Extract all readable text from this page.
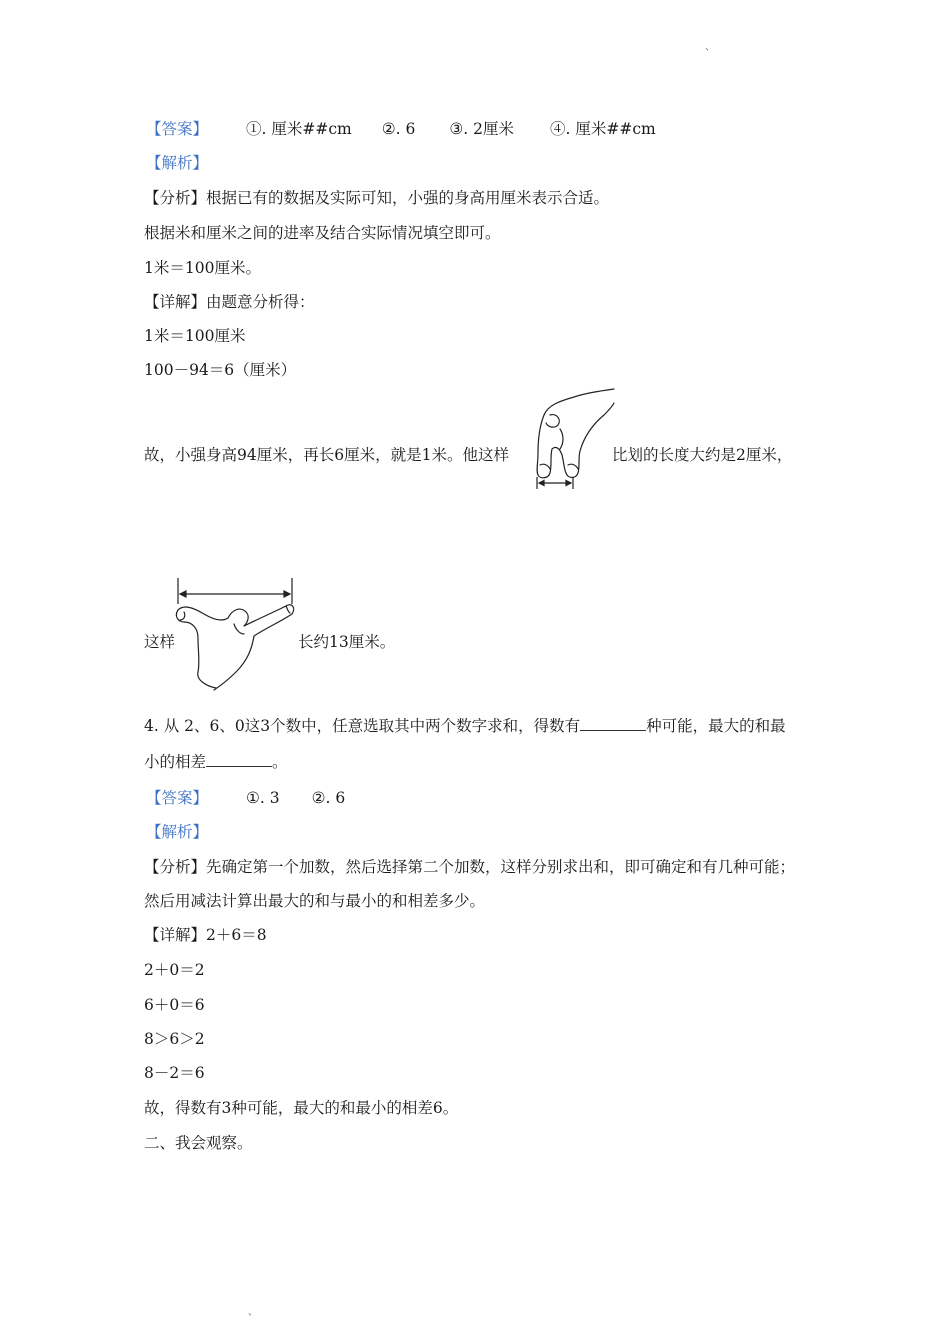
、
【答案】 ①. 厘米##cm ②. 6 ③. 2厘米 ④. 厘米##cm
【解析】
【分析】根据已有的数据及实际可知，小强的身高用厘米表示合适。
根据米和厘米之间的进率及结合实际情况填空即可。
1米＝100厘米。
【详解】由题意分析得：
1米＝100厘米
100－94＝6（厘米）
故，小强身高94厘米，再长6厘米，就是1米。他这样	比划的长度大约是2厘米，
这样	长约13厘米。
4. 从 2、6、0这3个数中，任意选取其中两个数字求和，得数有	种可能，最大的和最
小的相差	。
【答案】 ①. 3 ②. 6
【解析】
【分析】先确定第一个加数，然后选择第二个加数，这样分别求出和，即可确定和有几种可能；
然后用减法计算出最大的和与最小的和相差多少。
【详解】2＋6＝8
2＋0＝2
6＋0＝6
8＞6＞2
8－2＝6
故，得数有3种可能，最大的和最小的相差6。
二、我会观察。
、
